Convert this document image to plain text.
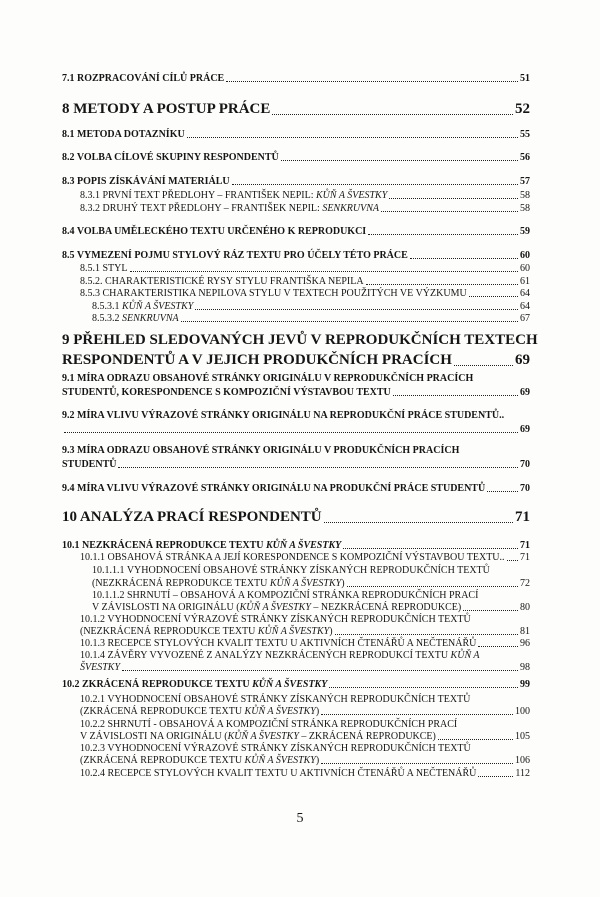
7.1 ROZPRACOVÁNÍ CÍLŮ PRÁCE	51
8 METODY A POSTUP PRÁCE	52
8.1 METODA DOTAZNÍKU	55
8.2 VOLBA CÍLOVÉ SKUPINY RESPONDENTŮ	56
8.3 POPIS ZÍSKÁVÁNÍ MATERIÁLU	57
8.3.1 PRVNÍ TEXT PŘEDLOHY – FRANTIŠEK NEPIL: KŮŇ A ŠVESTKY	58
8.3.2 DRUHÝ TEXT PŘEDLOHY – FRANTIŠEK NEPIL: SENKRUVNA	58
8.4 VOLBA UMĚLECKÉHO TEXTU URČENÉHO K REPRODUKCI	59
8.5 VYMEZENÍ POJMU STYLOVÝ RÁZ TEXTU PRO ÚČELY TÉTO PRÁCE	60
8.5.1 STYL	60
8.5.2. CHARAKTERISTICKÉ RYSY STYLU FRANTIŠKA NEPILA	61
8.5.3 CHARAKTERISTIKA NEPILOVA STYLU V TEXTECH POUŽITÝCH VE VÝZKUMU	64
8.5.3.1 KŮŇ A ŠVESTKY	64
8.5.3.2 SENKRUVNA	67
9 PŘEHLED SLEDOVANÝCH JEVŮ V REPRODUKČNÍCH TEXTECH
RESPONDENTŮ A V JEJICH PRODUKČNÍCH PRACÍCH	69
9.1 MÍRA ODRAZU OBSAHOVÉ STRÁNKY ORIGINÁLU V REPRODUKČNÍCH PRACÍCH
STUDENTŮ, KORESPONDENCE S KOMPOZIČNÍ VÝSTAVBOU TEXTU	69
9.2 MÍRA VLIVU VÝRAZOVÉ STRÁNKY ORIGINÁLU NA REPRODUKČNÍ PRÁCE STUDENTŮ..
69
9.3 MÍRA ODRAZU OBSAHOVÉ STRÁNKY ORIGINÁLU V PRODUKČNÍCH PRACÍCH
STUDENTŮ	70
9.4 MÍRA VLIVU VÝRAZOVÉ STRÁNKY ORIGINÁLU NA PRODUKČNÍ PRÁCE STUDENTŮ	70
10 ANALÝZA PRACÍ RESPONDENTŮ	71
10.1 NEZKRÁCENÁ REPRODUKCE TEXTU KŮŇ A ŠVESTKY	71
10.1.1 OBSAHOVÁ STRÁNKA A JEJÍ KORESPONDENCE S KOMPOZIČNÍ VÝSTAVBOU TEXTU.. 71
10.1.1.1 VYHODNOCENÍ OBSAHOVÉ STRÁNKY ZÍSKANÝCH REPRODUKČNÍCH TEXTŮ
(NEZKRÁCENÁ REPRODUKCE TEXTU KŮŇ A ŠVESTKY)	72
10.1.1.2 SHRNUTÍ – OBSAHOVÁ A KOMPOZIČNÍ STRÁNKA REPRODUKČNÍCH PRACÍ
V ZÁVISLOSTI NA ORIGINÁLU (KŮŇ A ŠVESTKY – NEZKRÁCENÁ REPRODUKCE)	80
10.1.2 VYHODNOCENÍ VÝRAZOVÉ STRÁNKY ZÍSKANÝCH REPRODUKČNÍCH TEXTŮ
(NEZKRÁCENÁ REPRODUKCE TEXTU KŮŇ A ŠVESTKY)	81
10.1.3 RECEPCE STYLOVÝCH KVALIT TEXTU U AKTIVNÍCH ČTENÁŘŮ A NEČTENÁŘŮ	96
10.1.4 ZÁVĚRY VYVOZENÉ Z ANALÝZY NEZKRÁCENÝCH REPRODUKCÍ TEXTU KŮŇ A
ŠVESTKY	98
10.2 ZKRÁCENÁ REPRODUKCE TEXTU KŮŇ A ŠVESTKY	99
10.2.1 VYHODNOCENÍ OBSAHOVÉ STRÁNKY ZÍSKANÝCH REPRODUKČNÍCH TEXTŮ
(ZKRÁCENÁ REPRODUKCE TEXTU KŮŇ A ŠVESTKY)	100
10.2.2 SHRNUTÍ - OBSAHOVÁ A KOMPOZIČNÍ STRÁNKA REPRODUKČNÍCH PRACÍ
V ZÁVISLOSTI NA ORIGINÁLU (KŮŇ A ŠVESTKY – ZKRÁCENÁ REPRODUKCE)	105
10.2.3 VYHODNOCENÍ VÝRAZOVÉ STRÁNKY ZÍSKANÝCH REPRODUKČNÍCH TEXTŮ
(ZKRÁCENÁ REPRODUKCE TEXTU KŮŇ A ŠVESTKY)	106
10.2.4 RECEPCE STYLOVÝCH KVALIT TEXTU U AKTIVNÍCH ČTENÁŘŮ A NEČTENÁŘŮ	112
5
